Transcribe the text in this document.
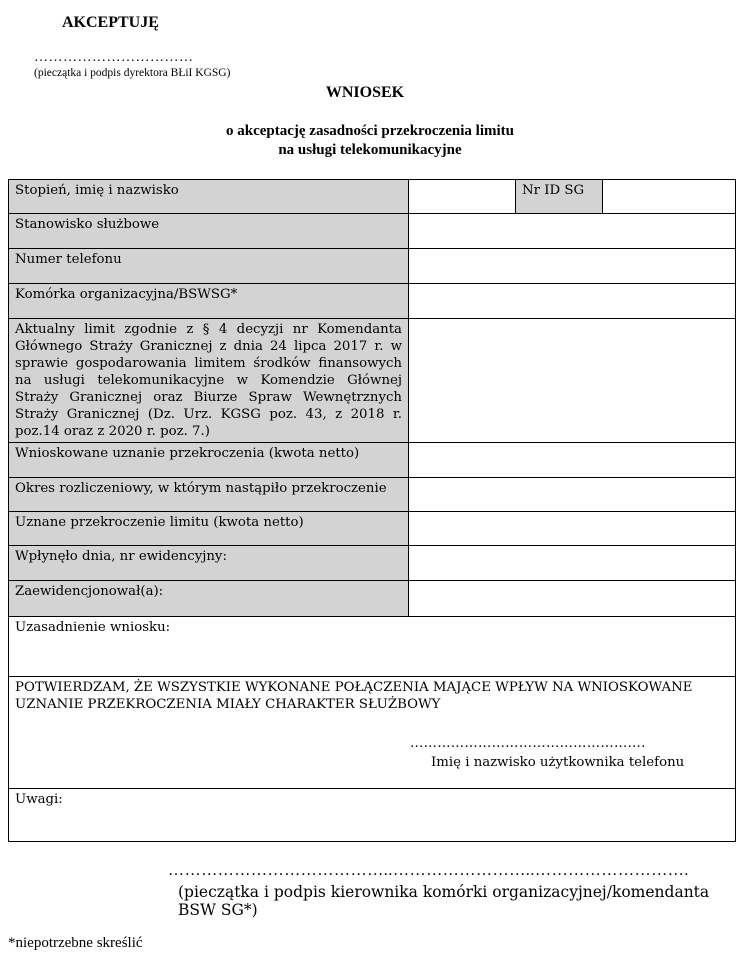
AKCEPTUJĘ
……………………………
(pieczątka i podpis dyrektora BŁiI KGSG)
WNIOSEK
o akceptację zasadności przekroczenia limitu
na usługi telekomunikacyjne
Stopień, imię i nazwisko		Nr ID SG	
Stanowisko służbowe			
Numer telefonu			
Komórka organizacyjna/BSWSG*			
Aktualny limit zgodnie z § 4 decyzji nr Komendanta Głównego Straży Granicznej z dnia 24 lipca 2017 r. w sprawie gospodarowania limitem środków finansowych na usługi telekomunikacyjne w Komendzie Głównej Straży Granicznej oraz Biurze Spraw Wewnętrznych Straży Granicznej (Dz. Urz. KGSG poz. 43, z 2018 r. poz.14 oraz z 2020 r. poz. 7.)			
Wnioskowane uznanie przekroczenia (kwota netto)			
Okres rozliczeniowy, w którym nastąpiło przekroczenie			
Uznane przekroczenie limitu (kwota netto)			
Wpłynęło dnia, nr ewidencyjny:			
Zaewidencjonował(a):			
Uzasadnienie wniosku:			

POTWIERDZAM, ŻE WSZYSTKIE WYKONANE POŁĄCZENIA MAJĄCE WPŁYW NA WNIOSKOWANE UZNANIE PRZEKROCZENIA MIAŁY CHARAKTER SŁUŻBOWY
…………………………………………….
Imię i nazwisko użytkownika telefonu			

Uwagi:			
…………………………………..……………………..……………………….
(pieczątka i podpis kierownika komórki organizacyjnej/komendanta BSW SG*)
*niepotrzebne skreślić
